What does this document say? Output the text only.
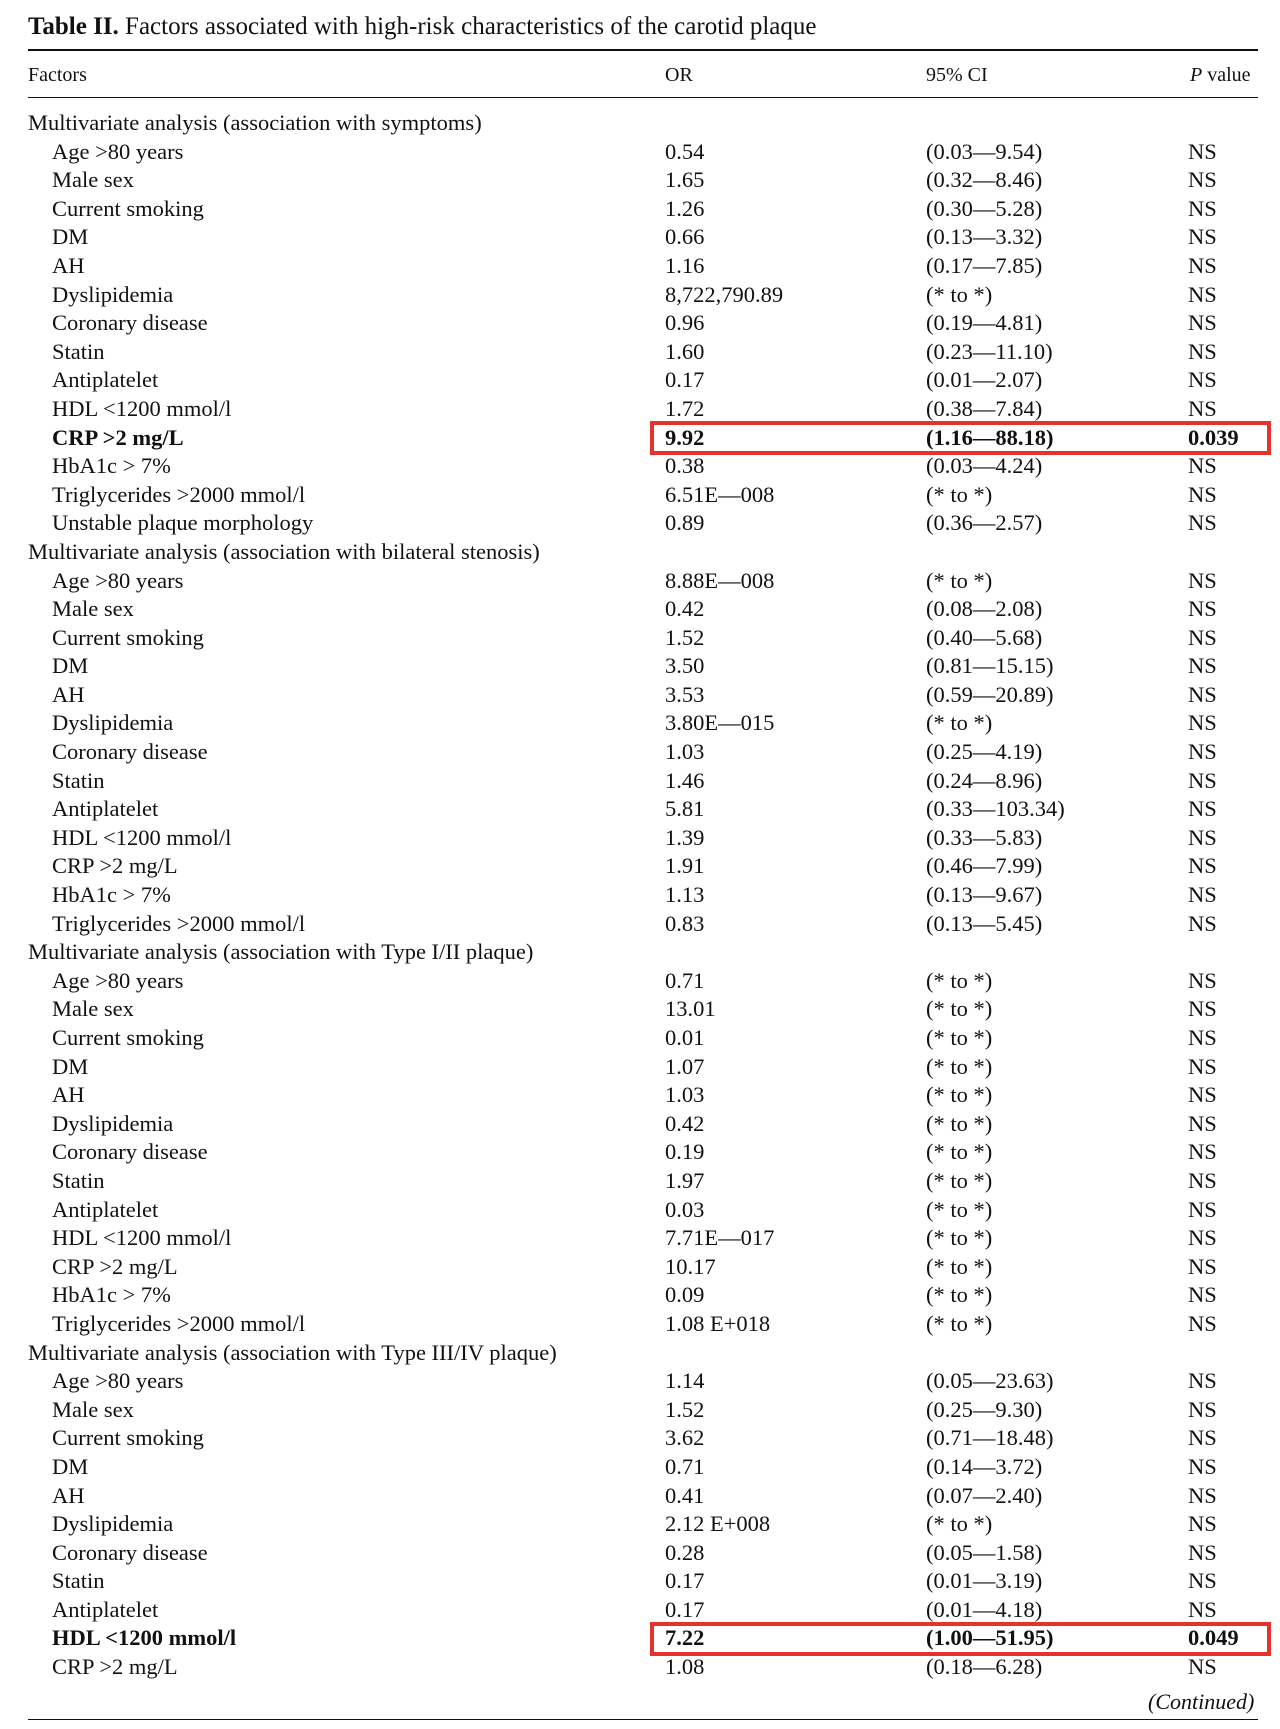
Table II. Factors associated with high-risk characteristics of the carotid plaque
Factors	OR	95% CI	P value
Multivariate analysis (association with symptoms)
Age >80 years	0.54	(0.03—9.54)	NS
Male sex	1.65	(0.32—8.46)	NS
Current smoking	1.26	(0.30—5.28)	NS
DM	0.66	(0.13—3.32)	NS
AH	1.16	(0.17—7.85)	NS
Dyslipidemia	8,722,790.89	(* to *)	NS
Coronary disease	0.96	(0.19—4.81)	NS
Statin	1.60	(0.23—11.10)	NS
Antiplatelet	0.17	(0.01—2.07)	NS
HDL <1200 mmol/l	1.72	(0.38—7.84)	NS
CRP >2 mg/L	9.92	(1.16—88.18)	0.039
HbA1c > 7%	0.38	(0.03—4.24)	NS
Triglycerides >2000 mmol/l	6.51E—008	(* to *)	NS
Unstable plaque morphology	0.89	(0.36—2.57)	NS
Multivariate analysis (association with bilateral stenosis)
Age >80 years	8.88E—008	(* to *)	NS
Male sex	0.42	(0.08—2.08)	NS
Current smoking	1.52	(0.40—5.68)	NS
DM	3.50	(0.81—15.15)	NS
AH	3.53	(0.59—20.89)	NS
Dyslipidemia	3.80E—015	(* to *)	NS
Coronary disease	1.03	(0.25—4.19)	NS
Statin	1.46	(0.24—8.96)	NS
Antiplatelet	5.81	(0.33—103.34)	NS
HDL <1200 mmol/l	1.39	(0.33—5.83)	NS
CRP >2 mg/L	1.91	(0.46—7.99)	NS
HbA1c > 7%	1.13	(0.13—9.67)	NS
Triglycerides >2000 mmol/l	0.83	(0.13—5.45)	NS
Multivariate analysis (association with Type I/II plaque)
Age >80 years	0.71	(* to *)	NS
Male sex	13.01	(* to *)	NS
Current smoking	0.01	(* to *)	NS
DM	1.07	(* to *)	NS
AH	1.03	(* to *)	NS
Dyslipidemia	0.42	(* to *)	NS
Coronary disease	0.19	(* to *)	NS
Statin	1.97	(* to *)	NS
Antiplatelet	0.03	(* to *)	NS
HDL <1200 mmol/l	7.71E—017	(* to *)	NS
CRP >2 mg/L	10.17	(* to *)	NS
HbA1c > 7%	0.09	(* to *)	NS
Triglycerides >2000 mmol/l	1.08 E+018	(* to *)	NS
Multivariate analysis (association with Type III/IV plaque)
Age >80 years	1.14	(0.05—23.63)	NS
Male sex	1.52	(0.25—9.30)	NS
Current smoking	3.62	(0.71—18.48)	NS
DM	0.71	(0.14—3.72)	NS
AH	0.41	(0.07—2.40)	NS
Dyslipidemia	2.12 E+008	(* to *)	NS
Coronary disease	0.28	(0.05—1.58)	NS
Statin	0.17	(0.01—3.19)	NS
Antiplatelet	0.17	(0.01—4.18)	NS
HDL <1200 mmol/l	7.22	(1.00—51.95)	0.049
CRP >2 mg/L	1.08	(0.18—6.28)	NS
(Continued)
